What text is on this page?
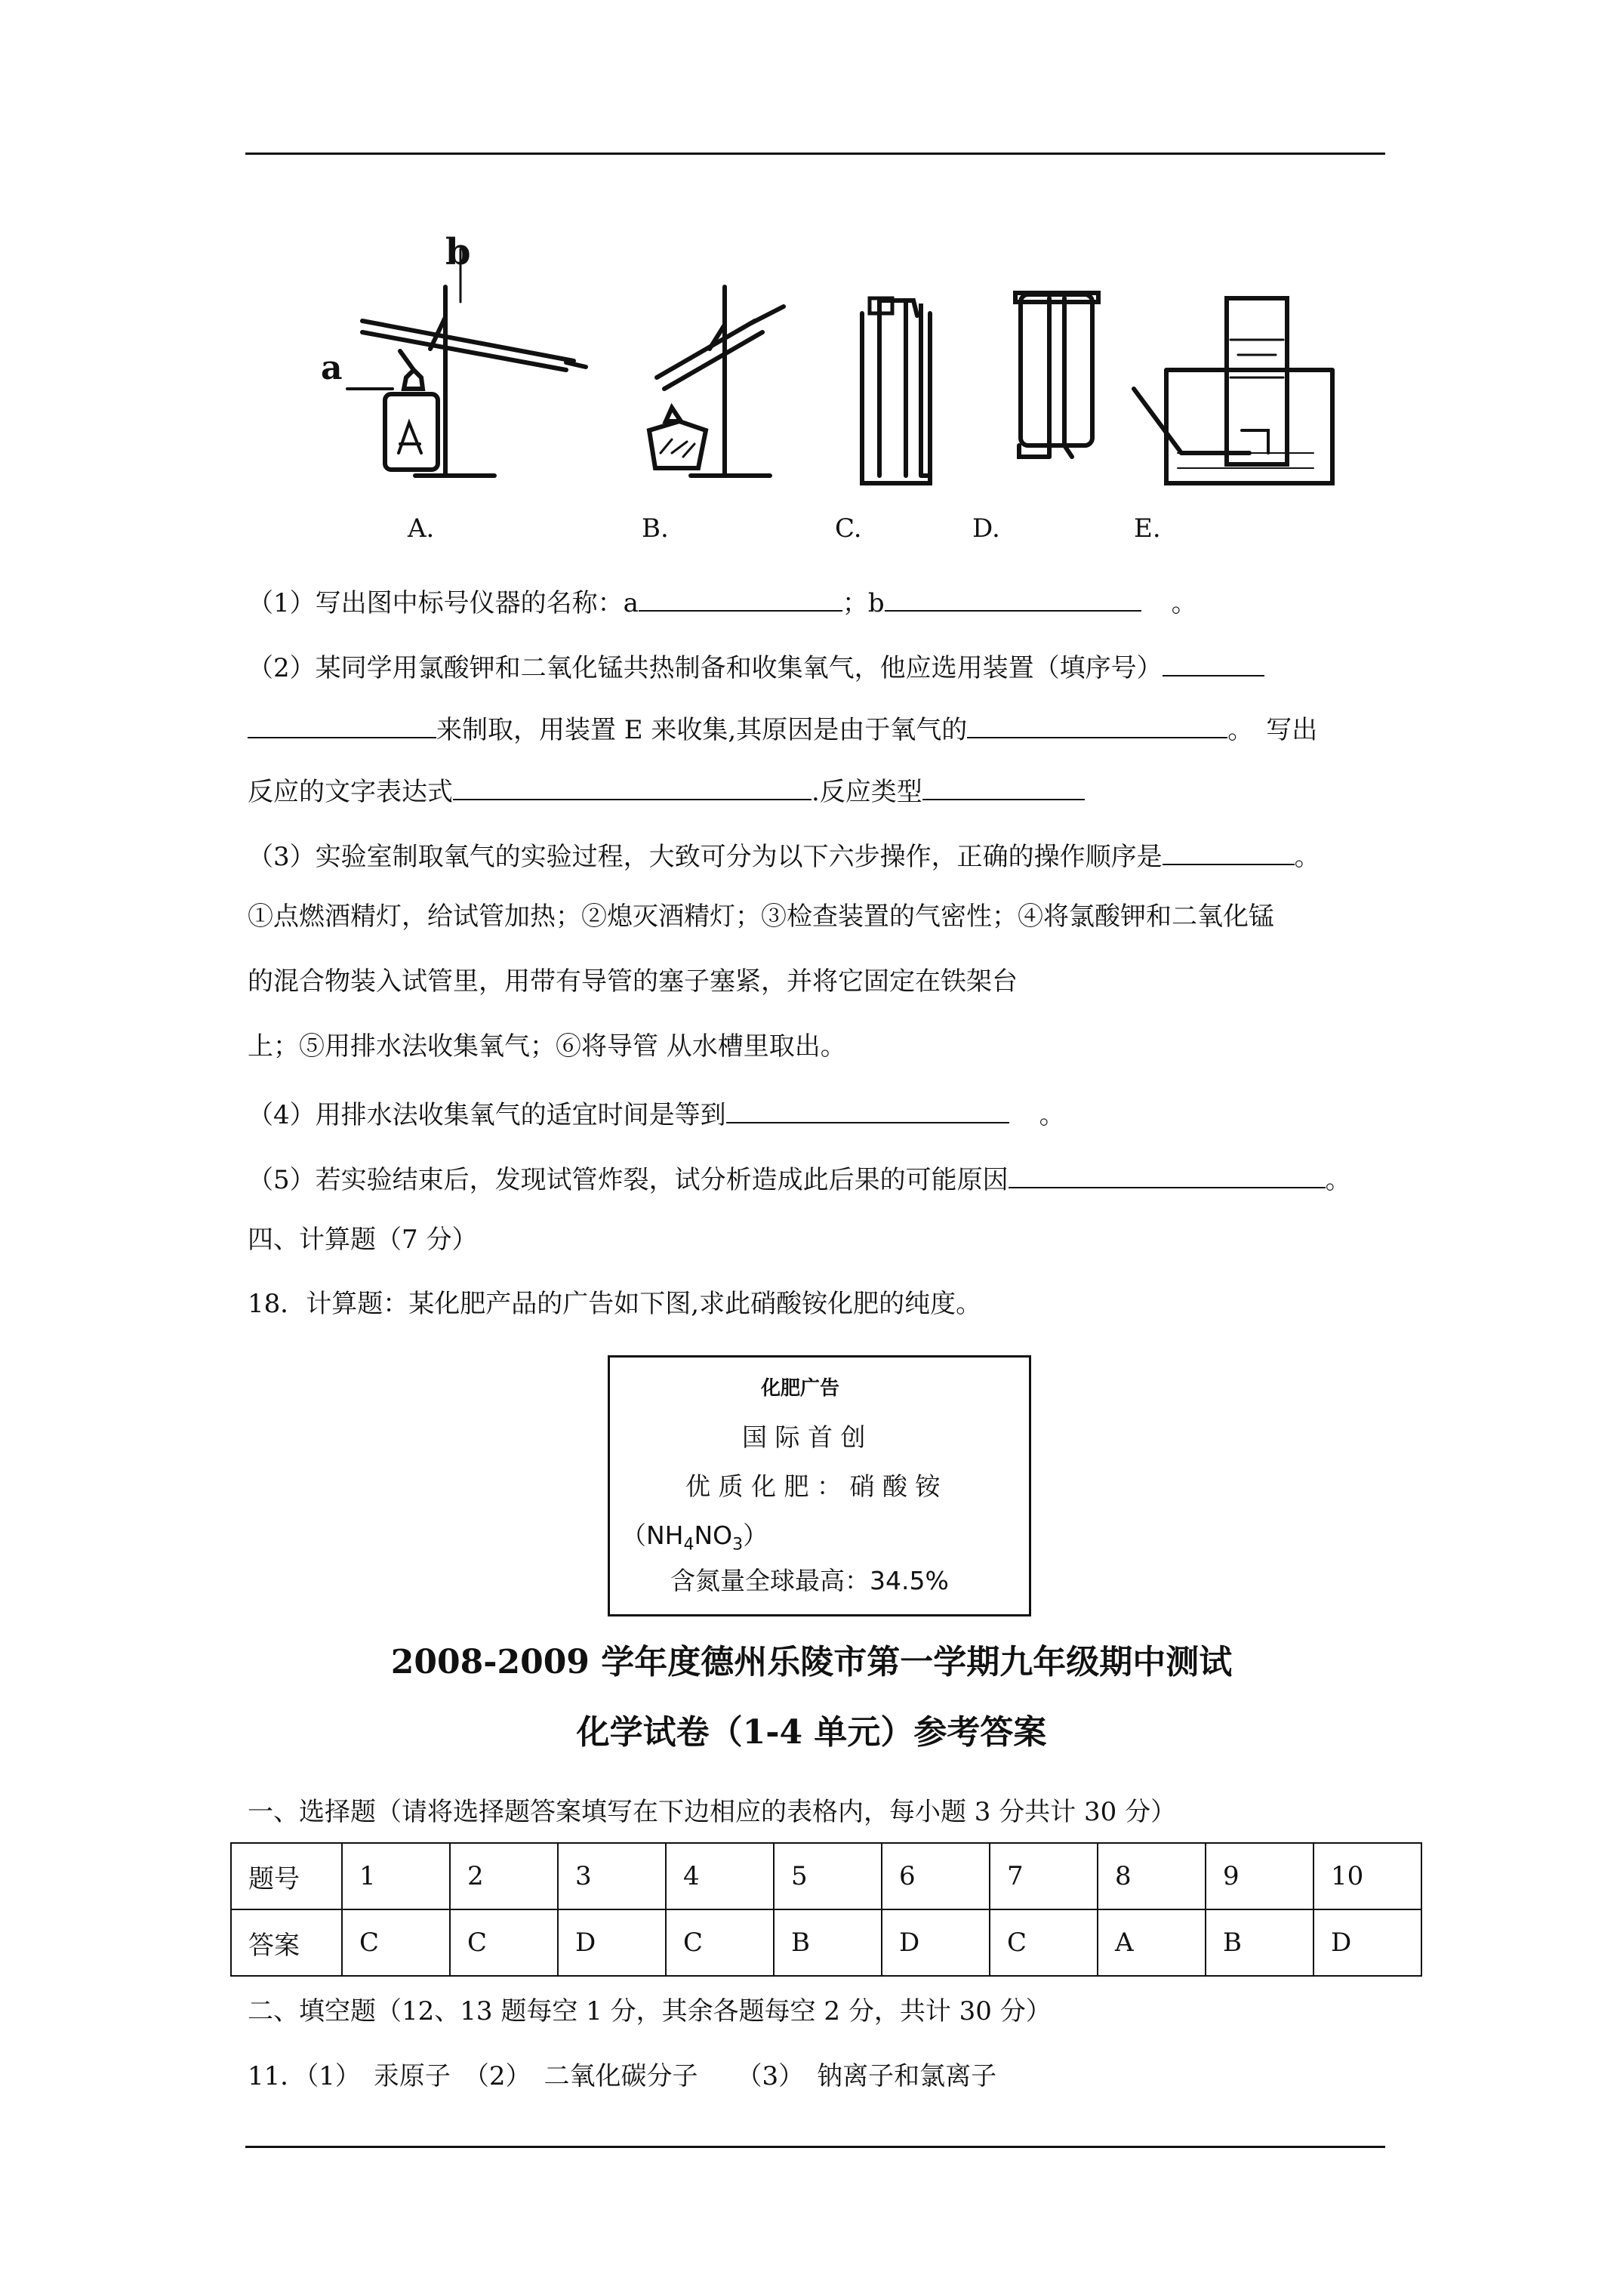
a
b
A.	B.	C.	D.	E.
（1）写出图中标号仪器的名称：a	；b	。
（2）某同学用氯酸钾和二氧化锰共热制备和收集氧气，他应选用装置（填序号）
来制取，用装置 E 来收集,其原因是由于氧气的	。　写出
反应的文字表达式	.反应类型
（3）实验室制取氧气的实验过程，大致可分为以下六步操作，正确的操作顺序是	。
①点燃酒精灯，给试管加热；②熄灭酒精灯；③检查装置的气密性；④将氯酸钾和二氧化锰
的混合物装入试管里，用带有导管的塞子塞紧，并将它固定在铁架台
上；⑤用排水法收集氧气；⑥将导管 从水槽里取出。
（4）用排水法收集氧气的适宜时间是等到	。
（5）若实验结束后，发现试管炸裂，试分析造成此后果的可能原因	。
四、计算题（7 分）
18．计算题：某化肥产品的广告如下图,求此硝酸铵化肥的纯度。
化肥广告
国 际 首 创
优 质 化 肥 ： 硝 酸 铵
$(NH_4NO_3)$
含氮量全球最高：34.5%
2008-2009 学年度德州乐陵市第一学期九年级期中测试
化学试卷（1-4 单元）参考答案
一、选择题（请将选择题答案填写在下边相应的表格内，每小题 3 分共计 30 分）
题号	1	2	3	4	5	6	7	8	9	10
答案	C	C	D	C	B	D	C	A	B	D
二、填空题（12、13 题每空 1 分，其余各题每空 2 分，共计 30 分）
11．（1）　汞原子　（2）　二氧化碳分子　　（3）　钠离子和氯离子
